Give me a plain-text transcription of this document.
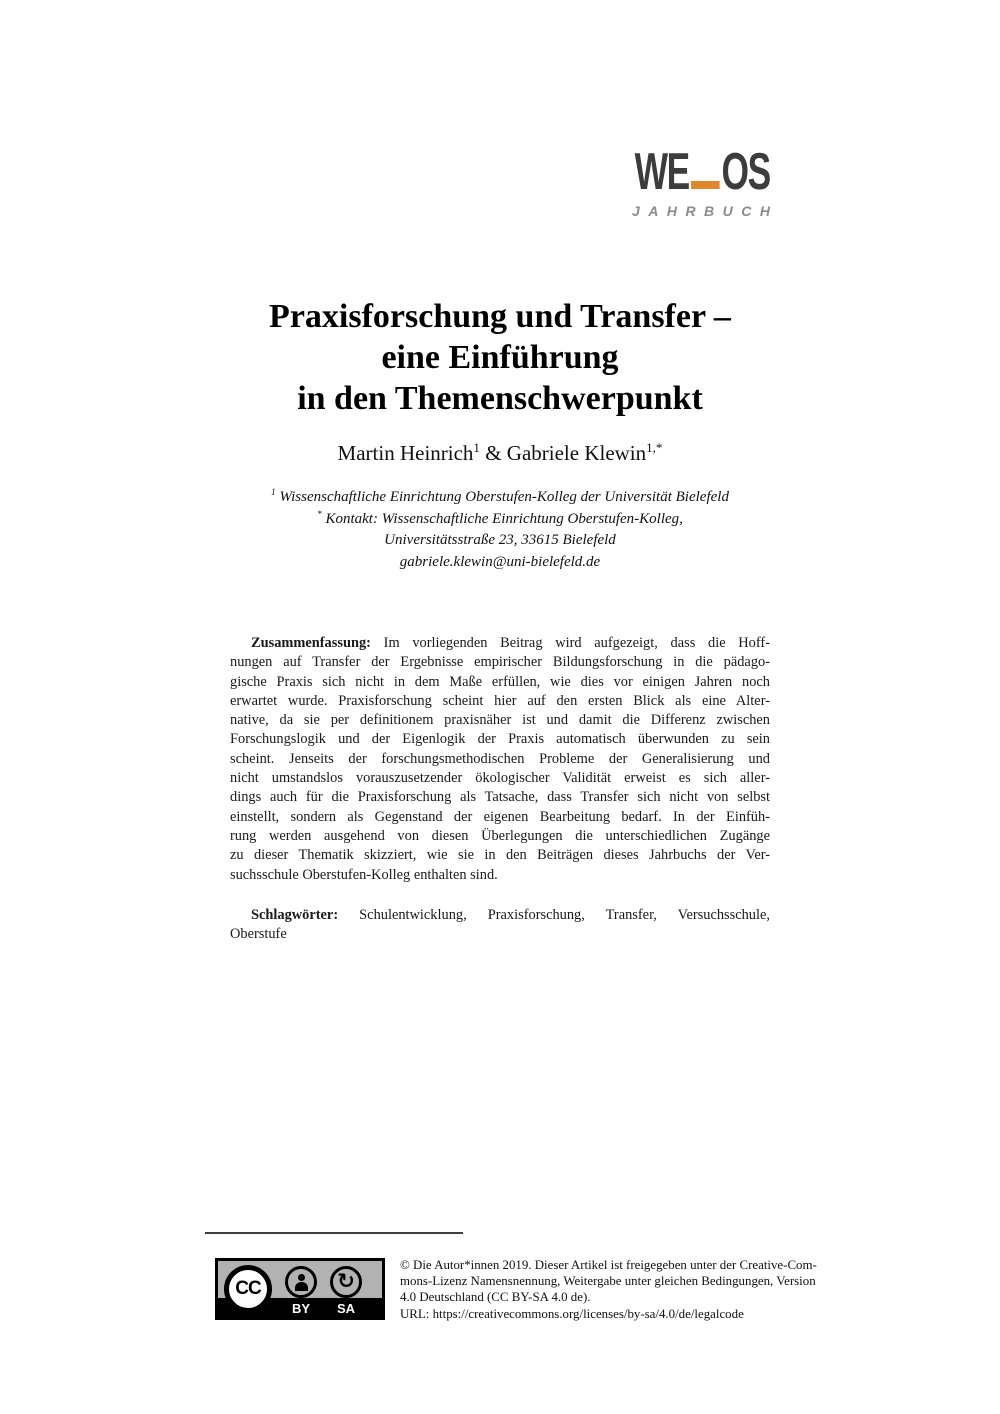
WE OS
JAHRBUCH
Praxisforschung und Transfer –
eine Einführung
in den Themenschwerpunkt
Martin Heinrich$^1$ & Gabriele Klewin$^{1,*}$
$^1$ Wissenschaftliche Einrichtung Oberstufen-Kolleg der Universität Bielefeld
* Kontakt: Wissenschaftliche Einrichtung Oberstufen-Kolleg,
Universitätsstraße 23, 33615 Bielefeld
gabriele.klewin@uni-bielefeld.de
Zusammenfassung: Im vorliegenden Beitrag wird aufgezeigt, dass die Hoff-
nungen auf Transfer der Ergebnisse empirischer Bildungsforschung in die pädago-
gische Praxis sich nicht in dem Maße erfüllen, wie dies vor einigen Jahren noch
erwartet wurde. Praxisforschung scheint hier auf den ersten Blick als eine Alter-
native, da sie per definitionem praxisnäher ist und damit die Differenz zwischen
Forschungslogik und der Eigenlogik der Praxis automatisch überwunden zu sein
scheint. Jenseits der forschungsmethodischen Probleme der Generalisierung und
nicht umstandslos vorauszusetzender ökologischer Validität erweist es sich aller-
dings auch für die Praxisforschung als Tatsache, dass Transfer sich nicht von selbst
einstellt, sondern als Gegenstand der eigenen Bearbeitung bedarf. In der Einfüh-
rung werden ausgehend von diesen Überlegungen die unterschiedlichen Zugänge
zu dieser Thematik skizziert, wie sie in den Beiträgen dieses Jahrbuchs der Ver-
suchsschule Oberstufen-Kolleg enthalten sind.
Schlagwörter: Schulentwicklung, Praxisforschung, Transfer, Versuchsschule,
Oberstufe
CC	↻
BY	SA
© Die Autor*innen 2019. Dieser Artikel ist freigegeben unter der Creative-Com-
mons-Lizenz Namensnennung, Weitergabe unter gleichen Bedingungen, Version
4.0 Deutschland (CC BY-SA 4.0 de).
URL: https://creativecommons.org/licenses/by-sa/4.0/de/legalcode
